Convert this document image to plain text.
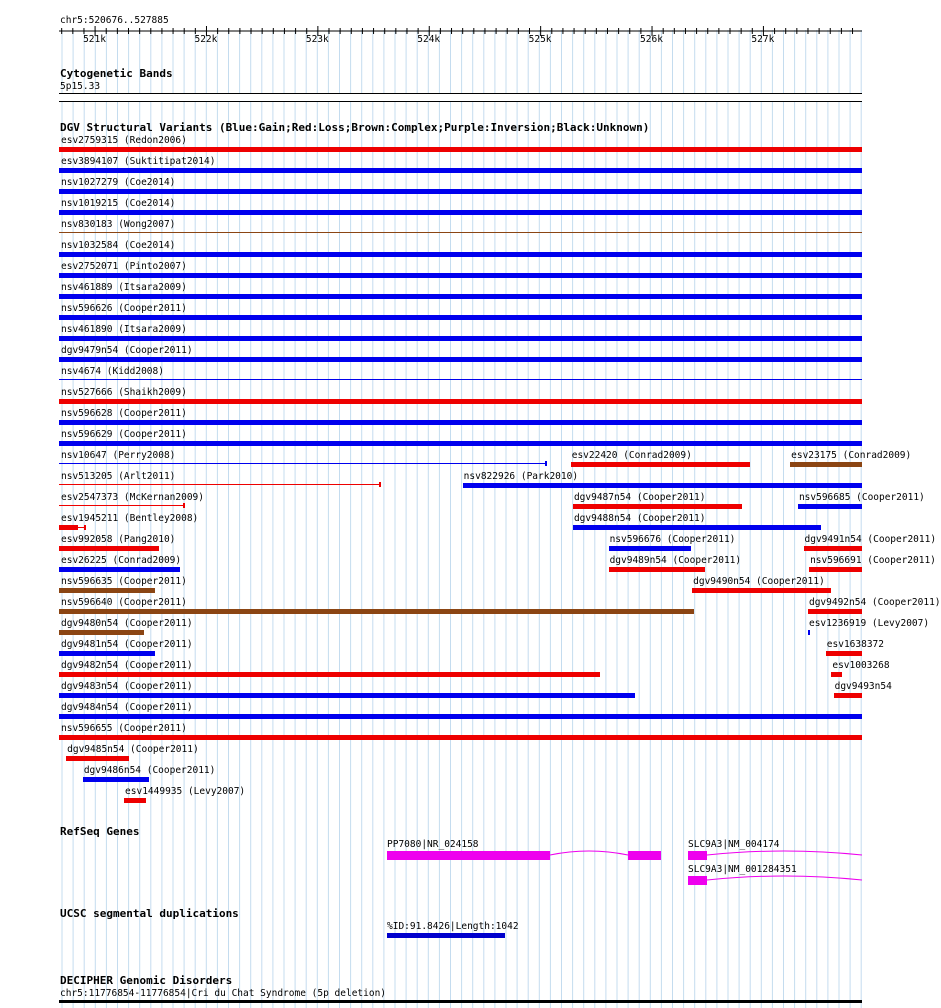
chr5:520676..527885
521k	522k	523k	524k	525k	526k	527k
Cytogenetic Bands
5p15.33
DGV Structural Variants (Blue:Gain;Red:Loss;Brown:Complex;Purple:Inversion;Black:Unknown)
esv2759315 (Redon2006)
esv3894107 (Suktitipat2014)
nsv1027279 (Coe2014)
nsv1019215 (Coe2014)
nsv830183 (Wong2007)
nsv1032584 (Coe2014)
esv2752071 (Pinto2007)
nsv461889 (Itsara2009)
nsv596626 (Cooper2011)
nsv461890 (Itsara2009)
dgv9479n54 (Cooper2011)
nsv4674 (Kidd2008)
nsv527666 (Shaikh2009)
nsv596628 (Cooper2011)
nsv596629 (Cooper2011)
nsv10647 (Perry2008)
nsv513205 (Arlt2011)
esv2547373 (McKernan2009)
esv1945211 (Bentley2008)
esv992058 (Pang2010)
esv26225 (Conrad2009)
nsv596635 (Cooper2011)
nsv596640 (Cooper2011)
dgv9480n54 (Cooper2011)
dgv9481n54 (Cooper2011)
dgv9482n54 (Cooper2011)
dgv9483n54 (Cooper2011)
dgv9484n54 (Cooper2011)
nsv596655 (Cooper2011)
dgv9485n54 (Cooper2011)
dgv9486n54 (Cooper2011)
esv1449935 (Levy2007)
esv22420 (Conrad2009)	esv23175 (Conrad2009)
nsv822926 (Park2010)
dgv9487n54 (Cooper2011)	nsv596685 (Cooper2011)
dgv9488n54 (Cooper2011)
nsv596676 (Cooper2011)	dgv9491n54 (Cooper2011)
dgv9489n54 (Cooper2011)	nsv596691 (Cooper2011)
dgv9490n54 (Cooper2011)
dgv9492n54 (Cooper2011)
esv1236919 (Levy2007)
esv1638372
esv1003268
dgv9493n54
RefSeq Genes
PP7080|NR_024158	SLC9A3|NM_004174
SLC9A3|NM_001284351
UCSC segmental duplications
%ID:91.8426|Length:1042
DECIPHER Genomic Disorders
chr5:11776854-11776854|Cri du Chat Syndrome (5p deletion)
